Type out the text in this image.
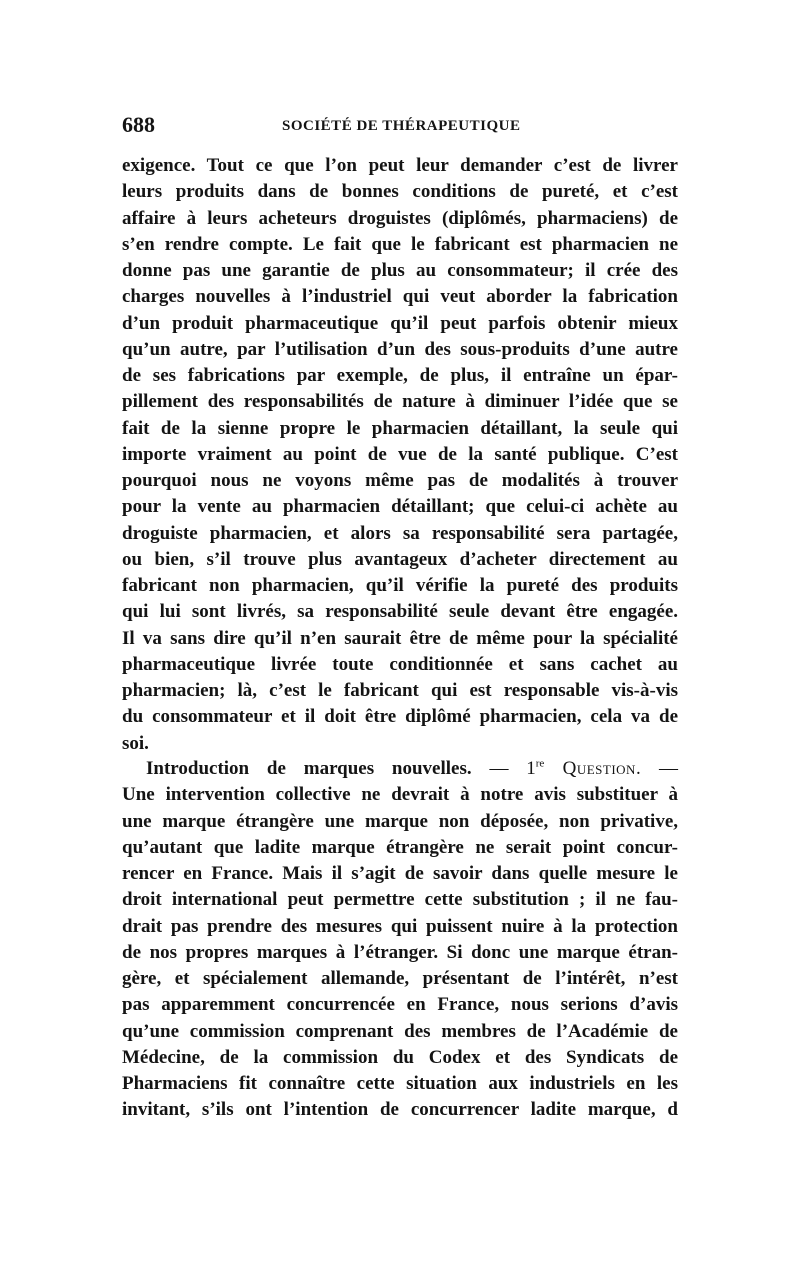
688	SOCIÉTÉ DE THÉRAPEUTIQUE
exigence. Tout ce que l’on peut leur demander c’est de livrer
leurs produits dans de bonnes conditions de pureté, et c’est
affaire à leurs acheteurs droguistes (diplômés, pharmaciens) de
s’en rendre compte. Le fait que le fabricant est pharmacien ne
donne pas une garantie de plus au consommateur; il crée des
charges nouvelles à l’industriel qui veut aborder la fabrication
d’un produit pharmaceutique qu’il peut parfois obtenir mieux
qu’un autre, par l’utilisation d’un des sous-produits d’une autre
de ses fabrications par exemple, de plus, il entraîne un épar-
pillement des responsabilités de nature à diminuer l’idée que se
fait de la sienne propre le pharmacien détaillant, la seule qui
importe vraiment au point de vue de la santé publique. C’est
pourquoi nous ne voyons même pas de modalités à trouver
pour la vente au pharmacien détaillant; que celui-ci achète au
droguiste pharmacien, et alors sa responsabilité sera partagée,
ou bien, s’il trouve plus avantageux d’acheter directement au
fabricant non pharmacien, qu’il vérifie la pureté des produits
qui lui sont livrés, sa responsabilité seule devant être engagée.
Il va sans dire qu’il n’en saurait être de même pour la spécialité
pharmaceutique livrée toute conditionnée et sans cachet au
pharmacien; là, c’est le fabricant qui est responsable vis-à-vis
du consommateur et il doit être diplômé pharmacien, cela va de
soi.
Introduction de marques nouvelles. — 1re Question. —
Une intervention collective ne devrait à notre avis substituer à
une marque étrangère une marque non déposée, non privative,
qu’autant que ladite marque étrangère ne serait point concur-
rencer en France. Mais il s’agit de savoir dans quelle mesure le
droit international peut permettre cette substitution ; il ne fau-
drait pas prendre des mesures qui puissent nuire à la protection
de nos propres marques à l’étranger. Si donc une marque étran-
gère, et spécialement allemande, présentant de l’intérêt, n’est
pas apparemment concurrencée en France, nous serions d’avis
qu’une commission comprenant des membres de l’Académie de
Médecine, de la commission du Codex et des Syndicats de
Pharmaciens fit connaître cette situation aux industriels en les
invitant, s’ils ont l’intention de concurrencer ladite marque, d
